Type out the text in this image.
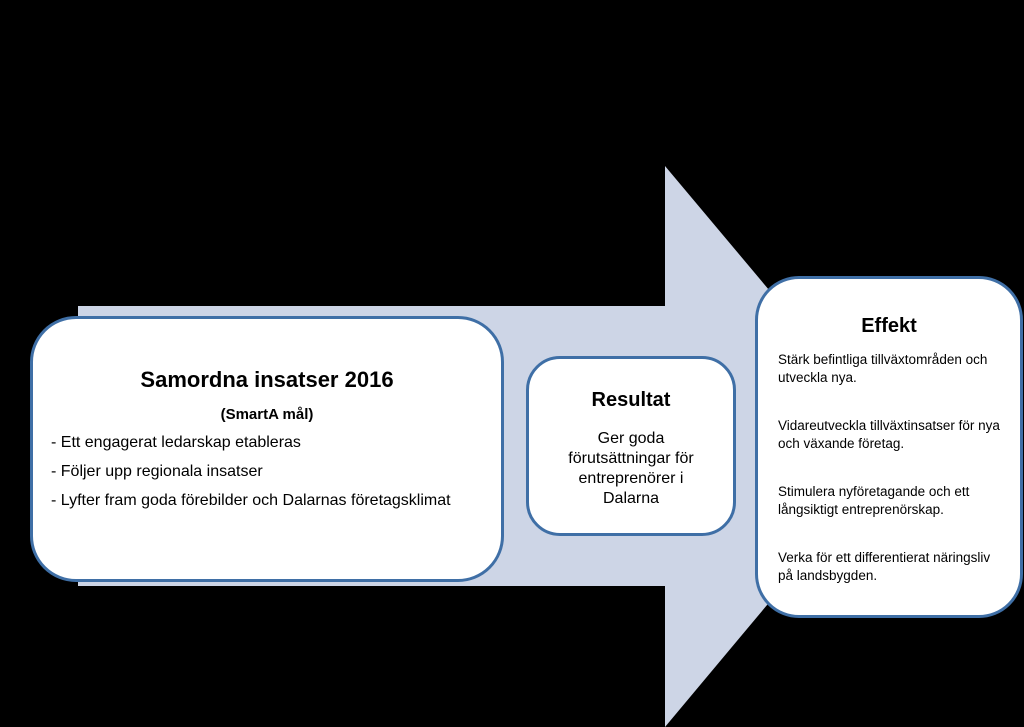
Samordna insatser 2016
(SmartA mål)
- Ett engagerat ledarskap etableras
- Följer upp regionala insatser
- Lyfter fram goda förebilder och Dalarnas företagsklimat
Resultat
Ger goda förutsättningar för entreprenörer i Dalarna
Effekt
Stärk befintliga tillväxtområden och utveckla nya.
Vidareutveckla tillväxtinsatser för nya och växande företag.
Stimulera nyföretagande och ett långsiktigt entreprenörskap.
Verka för ett differentierat näringsliv på landsbygden.
